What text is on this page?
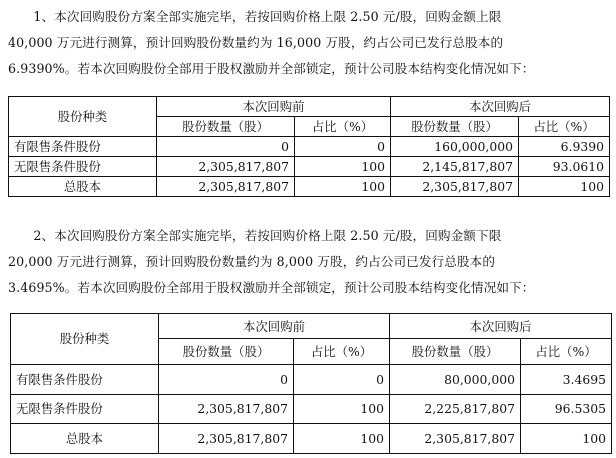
　　1、本次回购股份方案全部实施完毕，若按回购价格上限 2.50 元/股，回购金额上限
40,000 万元进行测算，预计回购股份数量约为 16,000 万股，约占公司已发行总股本的
6.9390%。若本次回购股份全部用于股权激励并全部锁定，预计公司股本结构变化情况如下：
股份种类	本次回购前		本次回购后	
	股份数量（股）	占比（%）	股份数量（股）	占比（%）
有限售条件股份	0	0	160,000,000	6.9390
无限售条件股份	2,305,817,807	100	2,145,817,807	93.0610
总股本	2,305,817,807	100	2,305,817,807	100
　　2、本次回购股份方案全部实施完毕，若按回购价格上限 2.50 元/股，回购金额下限
20,000 万元进行测算，预计回购股份数量约为 8,000 万股，约占公司已发行总股本的
3.4695%。若本次回购股份全部用于股权激励并全部锁定，预计公司股本结构变化情况如下：
股份种类	本次回购前		本次回购后	
	股份数量（股）	占比（%）	股份数量（股）	占比（%）
有限售条件股份	0	0	80,000,000	3.4695
无限售条件股份	2,305,817,807	100	2,225,817,807	96.5305
总股本	2,305,817,807	100	2,305,817,807	100
